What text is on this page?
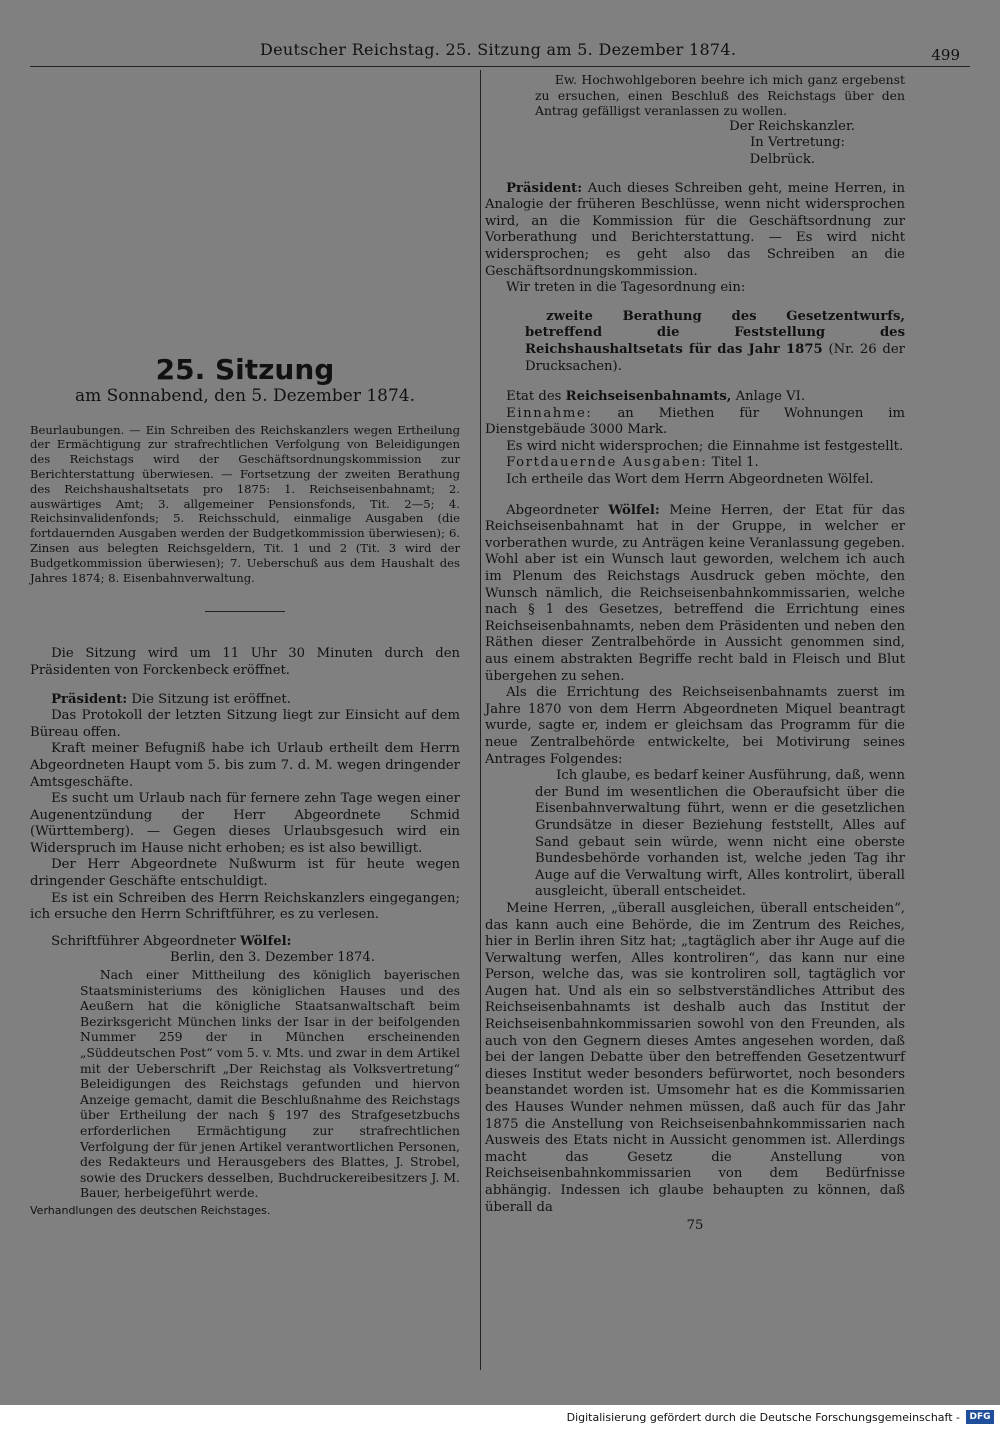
Deutscher Reichstag. 25. Sitzung am 5. Dezember 1874.	499

25. Sitzung

am Sonnabend, den 5. Dezember 1874.

Beurlaubungen. — Ein Schreiben des Reichskanzlers wegen Ertheilung der Ermächtigung zur strafrechtlichen Verfolgung von Beleidigungen des Reichstags wird der Geschäftsordnungskommission zur Berichterstattung überwiesen. — Fortsetzung der zweiten Berathung des Reichshaushaltsetats pro 1875: 1. Reichseisenbahnamt; 2. auswärtiges Amt; 3. allgemeiner Pensionsfonds, Tit. 2—5; 4. Reichsinvalidenfonds; 5. Reichsschuld, einmalige Ausgaben (die fortdauernden Ausgaben werden der Budgetkommission überwiesen); 6. Zinsen aus belegten Reichsgeldern, Tit. 1 und 2 (Tit. 3 wird der Budgetkommission überwiesen); 7. Ueberschuß aus dem Haushalt des Jahres 1874; 8. Eisenbahnverwaltung.

Die Sitzung wird um 11 Uhr 30 Minuten durch den Präsidenten von Forckenbeck eröffnet.

Präsident: Die Sitzung ist eröffnet.

Das Protokoll der letzten Sitzung liegt zur Einsicht auf dem Büreau offen.

Kraft meiner Befugniß habe ich Urlaub ertheilt dem Herrn Abgeordneten Haupt vom 5. bis zum 7. d. M. wegen dringender Amtsgeschäfte.

Es sucht um Urlaub nach für fernere zehn Tage wegen einer Augenentzündung der Herr Abgeordnete Schmid (Württemberg). — Gegen dieses Urlaubsgesuch wird ein Widerspruch im Hause nicht erhoben; es ist also bewilligt.

Der Herr Abgeordnete Nußwurm ist für heute wegen dringender Geschäfte entschuldigt.

Es ist ein Schreiben des Herrn Reichskanzlers eingegangen; ich ersuche den Herrn Schriftführer, es zu verlesen.

Schriftführer Abgeordneter Wölfel:

Berlin, den 3. Dezember 1874.

Nach einer Mittheilung des königlich bayerischen Staatsministeriums des königlichen Hauses und des Aeußern hat die königliche Staatsanwaltschaft beim Bezirksgericht München links der Isar in der beifolgenden Nummer 259 der in München erscheinenden „Süddeutschen Post“ vom 5. v. Mts. und zwar in dem Artikel mit der Ueberschrift „Der Reichstag als Volksvertretung“ Beleidigungen des Reichstags gefunden und hiervon Anzeige gemacht, damit die Beschlußnahme des Reichstags über Ertheilung der nach § 197 des Strafgesetzbuchs erforderlichen Ermächtigung zur strafrechtlichen Verfolgung der für jenen Artikel verantwortlichen Personen, des Redakteurs und Herausgebers des Blattes, J. Strobel, sowie des Druckers desselben, Buchdruckereibesitzers J. M. Bauer, herbeigeführt werde.

Verhandlungen des deutschen Reichstages.

Ew. Hochwohlgeboren beehre ich mich ganz ergebenst zu ersuchen, einen Beschluß des Reichstags über den Antrag gefälligst veranlassen zu wollen.

Der Reichskanzler.

In Vertretung:

Delbrück.

Präsident: Auch dieses Schreiben geht, meine Herren, in Analogie der früheren Beschlüsse, wenn nicht widersprochen wird, an die Kommission für die Geschäftsordnung zur Vorberathung und Berichterstattung. — Es wird nicht widersprochen; es geht also das Schreiben an die Geschäftsordnungskommission.

Wir treten in die Tagesordnung ein:

zweite Berathung des Gesetzentwurfs, betreffend die Feststellung des Reichshaushaltsetats für das Jahr 1875 (Nr. 26 der Drucksachen).

Etat des Reichseisenbahnamts, Anlage VI.

Einnahme: an Miethen für Wohnungen im Dienstgebäude 3000 Mark.

Es wird nicht widersprochen; die Einnahme ist festgestellt.

Fortdauernde Ausgaben: Titel 1.

Ich ertheile das Wort dem Herrn Abgeordneten Wölfel.

Abgeordneter Wölfel: Meine Herren, der Etat für das Reichseisenbahnamt hat in der Gruppe, in welcher er vorberathen wurde, zu Anträgen keine Veranlassung gegeben. Wohl aber ist ein Wunsch laut geworden, welchem ich auch im Plenum des Reichstags Ausdruck geben möchte, den Wunsch nämlich, die Reichseisenbahnkommissarien, welche nach § 1 des Gesetzes, betreffend die Errichtung eines Reichseisenbahnamts, neben dem Präsidenten und neben den Räthen dieser Zentralbehörde in Aussicht genommen sind, aus einem abstrakten Begriffe recht bald in Fleisch und Blut übergehen zu sehen.

Als die Errichtung des Reichseisenbahnamts zuerst im Jahre 1870 von dem Herrn Abgeordneten Miquel beantragt wurde, sagte er, indem er gleichsam das Programm für die neue Zentralbehörde entwickelte, bei Motivirung seines Antrages Folgendes:

Ich glaube, es bedarf keiner Ausführung, daß, wenn der Bund im wesentlichen die Oberaufsicht über die Eisenbahnverwaltung führt, wenn er die gesetzlichen Grundsätze in dieser Beziehung feststellt, Alles auf Sand gebaut sein würde, wenn nicht eine oberste Bundesbehörde vorhanden ist, welche jeden Tag ihr Auge auf die Verwaltung wirft, Alles kontrolirt, überall ausgleicht, überall entscheidet.

Meine Herren, „überall ausgleichen, überall entscheiden“, das kann auch eine Behörde, die im Zentrum des Reiches, hier in Berlin ihren Sitz hat; „tagtäglich aber ihr Auge auf die Verwaltung werfen, Alles kontroliren“, das kann nur eine Person, welche das, was sie kontroliren soll, tagtäglich vor Augen hat. Und als ein so selbstverständliches Attribut des Reichseisenbahnamts ist deshalb auch das Institut der Reichseisenbahnkommissarien sowohl von den Freunden, als auch von den Gegnern dieses Amtes angesehen worden, daß bei der langen Debatte über den betreffenden Gesetzentwurf dieses Institut weder besonders befürwortet, noch besonders beanstandet worden ist. Umsomehr hat es die Kommissarien des Hauses Wunder nehmen müssen, daß auch für das Jahr 1875 die Anstellung von Reichseisenbahnkommissarien nach Ausweis des Etats nicht in Aussicht genommen ist. Allerdings macht das Gesetz die Anstellung von Reichseisenbahnkommissarien von dem Bedürfnisse abhängig. Indessen ich glaube behaupten zu können, daß überall da

75

Digitalisierung gefördert durch die Deutsche Forschungsgemeinschaft -	DFG
